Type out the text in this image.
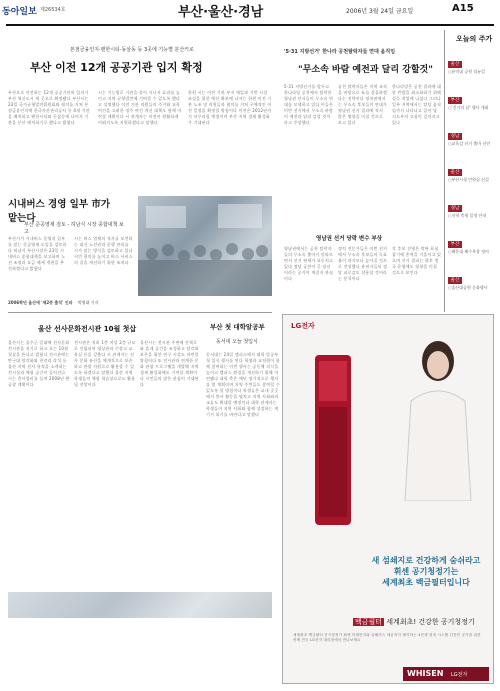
동아일보 제26534호	부산·울산·경남	2006년 3월 24일 금요일	A15
본점금융인지·팬한시티·동삼동 등 3곳에 기능별 분산키로
부산 이전 12개 공공기관 입지 확정
부산으로 이전하는 12개 공공기관의 입지가 부산 혁신도시 세 곳으로 확정됐다 부산시는 23일 국가균형발전위원회와 협의를 거쳐 본점금융인지에 한국자산관리공사 등 4개 기관을 배치하고 팬한시티와 동삼동에 나머지 기관을 분산 배치하기로 했다고 밝혔다
시는 기능별로 기관을 묶어 시너지 효과를 높이고 지역 균형발전에 기여할 수 있도록 했다고 설명했다 이전 기관 직원들의 주거와 교육 여건을 고려한 정주 여건 개선 대책도 함께 마련할 계획이다 시 관계자는 이전이 원활하게 이뤄지도록 지원하겠다고 말했다
한편 시는 이전 기관 부지 매입과 기반 시설 조성을 위한 예산 확보에 나서는 한편 이전 기관 노조 및 직원들과 협의를 거쳐 구체적인 이전 일정을 확정할 방침이다 이전은 2012년까지 마무리될 예정이며 부산 지역 경제 활성화가 기대된다
시내버스 경영 일부 市가 맡는다
부산 준공영제 검토 - 허남식 시장 종합대책 보고
부산시가 시내버스 운영의 일부를 맡는 준공영제 도입을 검토한다 허남식 부산시장은 23일 시내버스 종합대책을 보고하며 노선 조정과 요금 체계 개편을 추진하겠다고 밝혔다
시는 버스 업체의 적자를 보전하는 대신 노선권과 운행 관리를 시가 맡는 방식을 검토하고 있다 시민 편의를 높이고 버스 서비스의 질을 개선하기 위한 조치다
2006학년 울산에 '제2중 출석' 인파 박영대 기자
울산 선사문화전시관 10월 첫삽
울산시는 울주군 일대에 선사문화전시관을 짓기로 하고 오는 10월 첫삽을 뜬다고 밝혔다 전시관에는 반구대 암각화와 천전리 각석 등 울산 지역 선사 유적을 소개하는 전시실과 체험 공간이 들어선다 시는 총사업비를 들여 2008년 완공할 계획이다
전시관은 지하 1층 지상 2층 규모로 건립되며 영상관과 수장고 교육실 등을 갖춘다 시 관계자는 선사 문화 유산을 체계적으로 보존하고 관광 자원으로 활용할 수 있도록 하겠다고 말했다 울산 지역 학생들의 체험 학습장으로도 활용될 전망이다
울산시는 전시관 주변에 산책로와 휴게 공간을 조성하고 암각화 보존을 위한 연구 시설도 마련할 방침이다 또 전시관과 연계한 문화 관광 프로그램을 개발해 지역 경제 활성화에도 기여할 계획이다 시민들의 많은 관심이 기대된다
부산 첫 대학알공부
동서대 오늘 첫입식
동서대는 24일 캠퍼스에서 대학 알공부 첫 입식 행사를 연다 학생과 교직원이 함께 참여하는 이번 행사는 공동체 의식을 높이고 캠퍼스 환경을 개선하기 위해 마련됐다 대학 측은 매년 정기적으로 행사를 열 계획이며 지역 주민들도 참여할 수 있도록 할 방침이다 학생들은 교내 곳곳에서 봉사 활동을 펼치고 지역 사회와의 교류도 확대할 예정이다 대학 관계자는 학생들이 지역 사회와 함께 성장하는 계기가 되기를 바란다고 말했다
'5·31 지방선거' 한나라 공천탈락자들 연대 움직임
"무소속 바람 예전과 달리 강할것"
5·31 지방선거를 앞두고 한나라당 공천에서 탈락한 영남권 인사들이 무소속 연대를 모색하고 있다 이들은 이번 선거에서 무소속 바람이 예전과 달리 강할 것이라고 주장했다
공천 탈락자들은 지역 조직을 바탕으로 표를 결집하겠다는 전략이다 정치권에서는 무소속 후보들의 연대가 영남권 선거 결과에 적지 않은 영향을 미칠 것으로 보고 있다
한나라당은 공천 결과에 대한 반발을 최소화하기 위해 설득 작업에 나섰다 그러나 일부 지역에서는 탈당 움직임까지 나타나고 있어 당 지도부의 고심이 깊어지고 있다
영남권 선거 당락 변수 부상
영남권에서는 공천 탈락자들의 무소속 출마가 잇따르면서 선거 판세가 요동치고 있다 정당 공천이 곧 당선이라는 공식이 깨질지 관심이다
정치 전문가들은 이번 선거에서 무소속 후보들의 득표율이 과거보다 높아질 것으로 전망했다 유권자들의 정당 피로감도 작용할 것이라는 분석이다
각 후보 진영은 막판 표심 잡기에 총력을 기울이고 있으며 선거 결과는 향후 정국 운영에도 영향을 미칠 것으로 보인다
오늘의 주가
울산
○유미네 공원 리뉴얼
부산
○'걷기의 날' 행사 개최
경남
○교육감 선거 출마 선언
울산
○부산시청 민원실 신설
경남
○지역 축제 일정 안내
부산
○해운대 해수욕장 정비
울산
○울산대공원 문화행사
LG전자
새 섬쇄지로 건강하게 숨쉬라고
휘센 공기청정기는
세계최초 백금필터입니다
백금필터 세계최초! 건강한 공기청정기
세계최초 백금필터 공기청정기 휘센 미세먼지와 유해가스 세균까지 제거하는 4단계 청정 시스템 건강한 공기를 위한 선택 전국 LG전자 대리점에서 만나보세요
WHISEN LG전자
